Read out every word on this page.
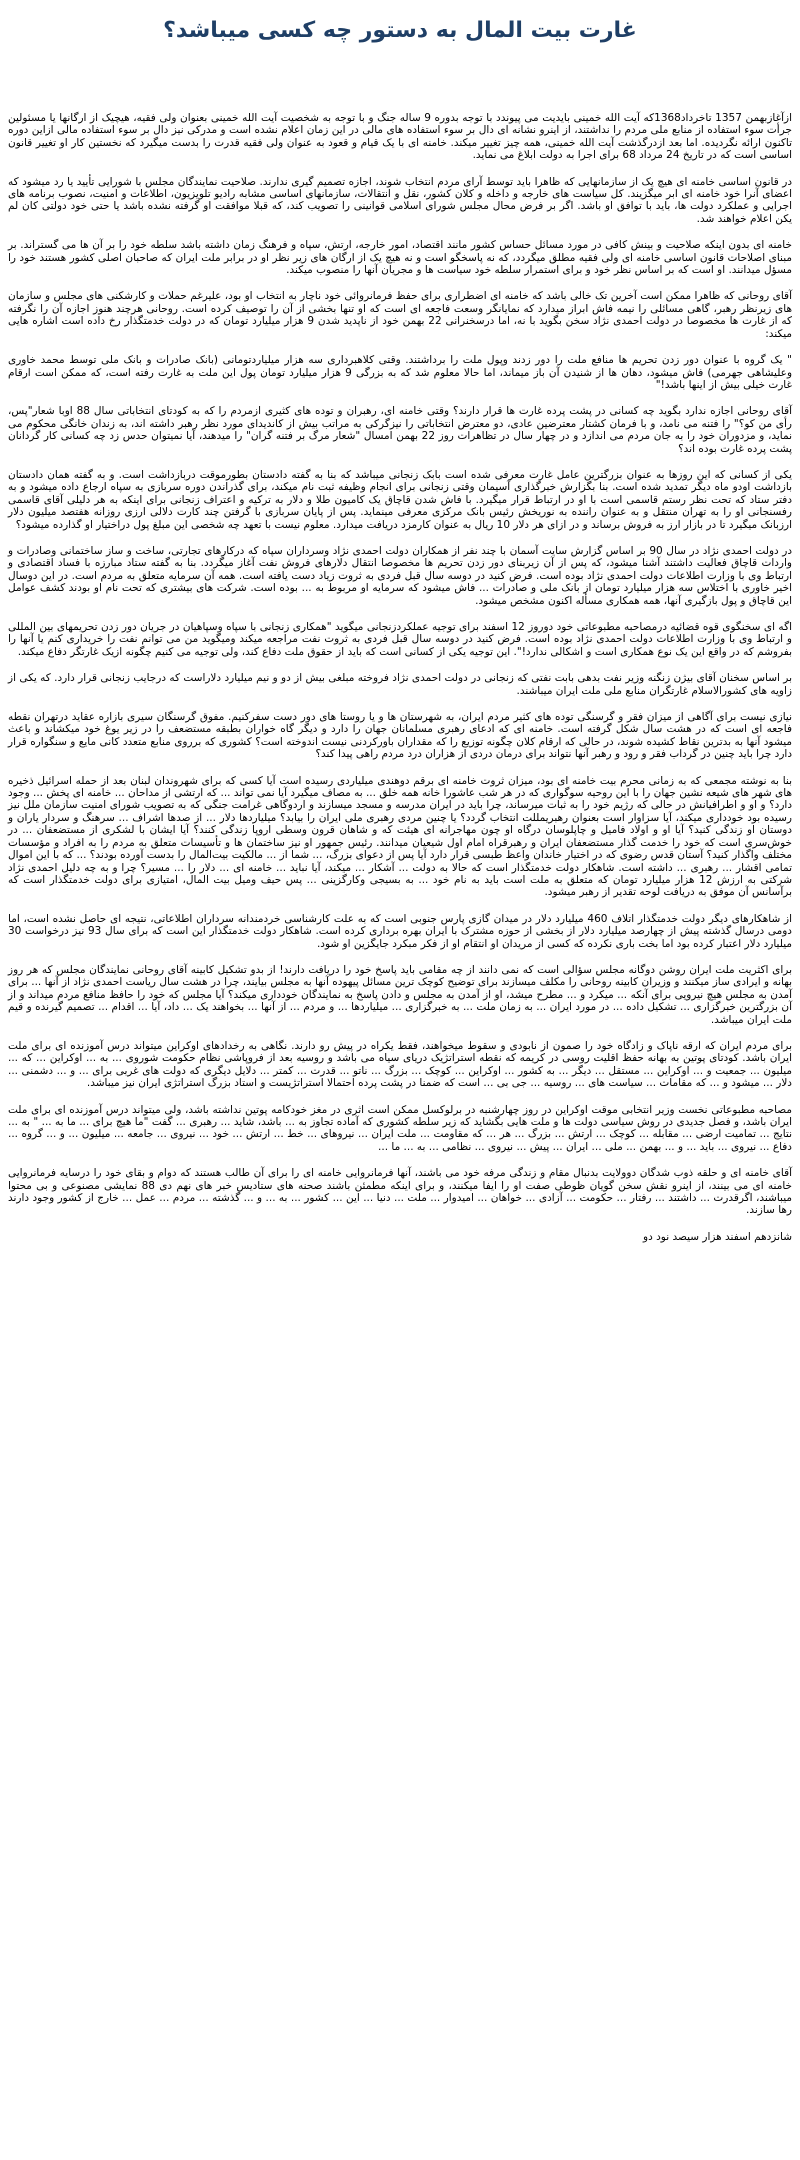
غارت بیت المال به دستور چه کسی میباشد؟

ازآغازبهمن 1357 تاخرداد1368که آیت الله خمینی بایدیت می پیوندد با توجه بدوره 9 ساله جنگ و با توجه به شخصیت آیت الله خمینی بعنوان ولی فقیه، هیچیک از ارگانها یا مسئولین جرأت سوء استفاده از منابع ملی مردم را نداشتند، از اینرو نشانه ای دال بر سوء استفاده های مالی در این زمان اعلام نشده است و مدرکی نیز دال بر سوء استفاده مالی ازاین دوره تاکنون ارائه نگردیده. اما بعد ازدرگذشت آیت الله خمینی، همه چیز تغییر میکند. خامنه ای با یک قیام و قعود به عنوان ولی فقیه قدرت را بدست میگیرد که نخستین کار او تغییر قانون اساسی است که در تاریخ 24 مرداد 68 برای اجرا به دولت ابلاغ می نماید.

در قانون اساسی خامنه ای هیچ یک از سازمانهایی که ظاهرا باید توسط آرای مردم انتخاب شوند، اجازه تصمیم گیری ندارند. صلاحیت نمایندگان مجلس با شورایی تأیید یا رد میشود که اعضای آنرا خود خامنه ای ابر میگزیند. کل سیاست های خارجه و داخله و کلان کشور، نقل و انتقالات، سازمانهای اساسی مشابه رادیو تلویزیون، اطلاعات و امنیت، نصوب برنامه های اجرایی و عملکرد دولت ها، باید با توافق او باشد. اگر بر فرض محال مجلس شورای اسلامی قوانینی را تصویب کند، که قبلا موافقت او گرفته نشده باشد یا حتی خود دولتی کان لم یکن اعلام خواهند شد.

خامنه ای بدون اینکه صلاحیت و بینش کافی در مورد مسائل حساس کشور مانند اقتصاد، امور خارجه، ارتش، سپاه و فرهنگ زمان داشته باشد سلطه خود را بر آن ها می گستراند. بر مبنای اصلاحات قانون اساسی خامنه ای ولی فقیه مطلق میگردد، که نه پاسخگو است و نه هیچ یک از ارگان های زیر نظر او در برابر ملت ایران که صاحبان اصلی کشور هستند خود را مسؤل میدانند. او است که بر اساس نظر خود و برای استمرار سلطه خود سیاست ها و مجریان آنها را منصوب میکند.

آقای روحانی که ظاهرا ممکن است آخرین تک خالی باشد که خامنه ای اضطراری برای حفظ فرمانروائی خود ناچار به انتخاب او بود، علیرغم حملات و کارشکنی های مجلس و سازمان های زیرنظر رهبر، گاهی مسائلی را نیمه فاش ابراز میدارد که نمایانگر وسعت فاجعه ای است که او تنها بخشی از آن را توصیف کرده است. روحانی هرچند هنوز اجازه آن را نگرفته که از غارت ها مخصوصا در دولت احمدی نژاد سخن بگوید با نه، اما درسخنرانی 22 بهمن خود از ناپدید شدن 9 هزار میلیارد تومان که در دولت خدمتگذار رخ داده است اشاره هایی میکند:

" یک گروه با عنوان دور زدن تحریم ها منافع ملت را دور زدند وپول ملت را برداشتند. وقتی کلاهبرداری سه هزار میلیاردتومانی (بانک صادرات و بانک ملی توسط محمد خاوری وعلیشاهی جهرمی) فاش میشود، دهان ها از شنیدن آن باز میماند، اما حالا معلوم شد که به بزرگی 9 هزار میلیارد تومان پول این ملت به غارت رفته است، که ممکن است ارقام غارت خیلی بیش از اینها باشد!"

آقای روحانی اجازه ندارد بگوید چه کسانی در پشت پرده غارت ها قرار دارند؟ وقتی خامنه ای، رهبران و توده های کثیری ازمردم را که به کودتای انتخاباتی سال 88 اوبا شعار"پس، رأی من کو؟" را فتنه می نامد، و با فرمان کشتار معترضین عادی، دو معترض انتخاباتی را نیزگرکی به مراتب بیش از کاندیدای مورد نظر رهبر داشته اند، به زندان خانگی محکوم می نماید، و مزدوران خود را به جان مردم می اندازد و در چهار سال در تظاهرات روز 22 بهمن امسال "شعار مرگ بر فتنه گران" را میدهند، آیا نمیتوان حدس زد چه کسانی کار گردانان پشت پرده غارت بوده اند؟

یکی از کسانی که این روزها به عنوان بزرگترین عامل غارت معرفی شده است بابک زنجانی میباشد که بنا به گفته دادستان بطورموقت دربازداشت است. و به گفته همان دادستان بازداشت اودو ماه دیگر تمدید شده است. بنا بگزارش خبرگذاری آسیمان وقتی زنجانی برای انجام وظیفه ثبت نام میکند، برای گذراندن دوره سربازی به سپاه ارجاع داده میشود و به دفتر ستاد که تحت نظر رستم قاسمی است با او در ارتباط قرار میگیرد. با فاش شدن قاچاق یک کامیون طلا و دلار به ترکیه و اعتراف زنجانی برای اینکه به هر دلیلی آقای قاسمی رفسنجانی او را به تهران منتقل و به عنوان راننده به نوریخش رئیس بانک مرکزی معرفی مینماید. پس از پایان سربازی با گرفتن چند کارت دلالی ارزی روزانه هفتصد میلیون دلار ارزبانک میگیرد تا در بازار ارز به فروش برساند و در ازای هر دلار 10 ریال به عنوان کارمزد دریافت میدارد. معلوم نیست با تعهد چه شخصی این مبلغ پول دراختیار او گذارده میشود؟

در دولت احمدی نژاد در سال 90 بر اساس گزارش سایت آسمان با چند نفر از همکاران دولت احمدی نژاد وسرداران سپاه که درکارهای تجارتی، ساخت و ساز ساختمانی وصادرات و واردات قاچاق فعالیت داشتند آشنا میشود، که پس از آن زیربنای دور زدن تحریم ها مخصوصا انتقال دلارهای فروش نفت آغاز میگردد. بنا به گفته ستاد مبارزه با فساد اقتصادی و ارتباط وی با وزارت اطلاعات دولت احمدی نژاد بوده است. فرض کنید در دوسه سال قبل فردی به ثروت زیاد دست یافته است. همه آن سرمایه متعلق به مردم است. در این دوسال اخیر خاوری با اختلاس سه هزار میلیارد تومان از بانک ملی و صادرات ... فاش میشود که سرمایه او مربوط به ... بوده است. شرکت های بیشتری که تحت نام او بودند کشف عوامل این قاچاق و پول بازگیری آنها، همه همکاری مسأله اکنون مشخص میشود.

اگه ای سخنگوی قوه قضائیه درمصاحبه مطبوعاتی خود دوروز 12 اسفند برای توجیه عملکردزنجانی میگوید "همکاری زنجانی با سپاه وسپاهیان در جریان دور زدن تحریمهای بین المللی و ارتباط وی با وزارت اطلاعات دولت احمدی نژاد بوده است. فرض کنید در دوسه سال قبل فردی به ثروت نفت مراجعه میکند ومیگوید من می توانم نفت را خریداری کنم یا آنها را بفروشم که در واقع این یک نوع همکاری است و اشکالی ندارد!". این توجیه یکی از کسانی است که باید از حقوق ملت دفاع کند، ولی توجیه می کنیم چگونه ازیک غارتگر دفاع میکند.

بر اساس سخنان آقای بیژن زنگنه وزیر نفت بدهی بابت نفتی که زنجانی در دولت احمدی نژاد فروخته مبلغی بیش از دو و نیم میلیارد دلاراست که درجایب زنجانی قرار دارد. که یکی از زاویه های کشورالاسلام غارتگران منابع ملی ملت ایران میباشند.

نیازی نیست برای آگاهی از میزان فقر و گرسنگی توده های کثیر مردم ایران، به شهرستان ها و یا روستا های دور دست سفرکنیم. مفوق گرسنگان سیری بازاره عقاید درتهران نقطه فاجعه ای است که در هشت سال شکل گرفته است. خامنه ای که ادعای رهبری مسلمانان جهان را دارد و دیگر گاه خواران بطبقه مستضعف را در زیر یوغ خود میکشاند و باعث میشود آنها به بدترین نقاط کشیده شوند، در حالی که ارقام کلان چگونه توزیع را که مقداران باورکردنی نیست اندوخته است؟ کشوری که برروی منابع متعدد کانی مایع و سنگواره قرار دارد چرا باید چنین در گرداب فقر و رود و رهبر آنها نتواند برای درمان دردی از هزاران درد مردم راهی پیدا کند؟

بنا به نوشته مجمعی که به زمانی محرم بیت خامنه ای بود، میزان ثروت خامنه ای برقم دوهندی میلیاردی رسیده است آیا کسی که برای شهروندان لبنان بعد از حمله اسرائیل ذخیره های شهر های شیعه نشین جهان را با این روحیه سوگواری که در هر شب عاشورا خانه همه خلق ... به مصاف میگیرد آیا نمی تواند ... که ارتشی از مداحان ... خامنه ای پخش ... وجود دارد؟ و او و اطرافیانش در حالی که رژیم خود را به ثبات میرساند، چرا باید در ایران مدرسه و مسجد میسازند و اردوگاهی غرامت جنگی که به تصویب شورای امنیت سازمان ملل نیز رسیده بود خودداری میکند، آیا سزاوار است بعنوان رهبریمللت انتخاب گردد؟ یا چنین مردی رهبری ملی ایران را بیابد؟ میلیاردها دلار ... از صدها اشراف ... سرهنگ و سردار یاران و دوستان او زندگی کنید؟ آیا او و اولاد فامیل و چاپلوسان درگاه او چون مهاجرانه ای هیئت که و شاهان قرون وسطی اروپا زندگی کنند؟ آیا ایشان با لشکری از مستضعفان ... در خوش‌سری است که خود را خدمت گذار مستضعفان ایران و رهبرقراه امام اول شیعیان میدانند. رئیس جمهور او نیز ساختمان ها و تأسیسات متعلق به مردم را به افراد و مؤسسات مختلف واگذار کنید؟ آستان قدس رضوی که در اختیار خاندان واعظ طبسی قرار دارد آیا پس از دعوای بزرگ، ... شما از ... مالکیت بیت‌المال را بدست آورده بودند؟ ... که با این اموال تمامی اقشار ... رهبری ... داشته است. شاهکار دولت خدمتگذار است که حالا به دولت ... آشکار ... میکند، آیا نباید ... خامنه ای ... دلار را ... مسیر؟ چرا و به چه دلیل احمدی نژاد شرکتی به ارزش 12 هزار میلیارد تومان که متعلق به ملت است باید به نام خود ... به بسیجی وکارگزینی ... پس حیف ومیل بیت المال، امتیازی برای دولت خدمتگذار است که برآسانس آن موفق به دریافت لوحه تقدیر از رهبر میشود.

از شاهکارهای دیگر دولت خدمتگذار اتلاف 460 میلیارد دلار در میدان گازی پارس جنوبی است که به علت کارشناسی خردمندانه سرداران اطلاعاتی، نتیجه ای حاصل نشده است، اما دومی درسال گذشته پیش از چهارصد میلیارد دلار از بخشی از حوزه مشترک با ایران بهره برداری کرده است. شاهکار دولت خدمتگذار این است که برای سال 93 نیز درخواست 30 میلیارد دلار اعتبار کرده بود اما بخت باری نکرده که کسی از مریدان او انتقام او از فکر مبکرد جایگزین او شود.

برای اکثریت ملت ایران روشن دوگانه مجلس سؤالی است که نمی دانند از چه مقامی باید پاسخ خود را دریافت دارند! از بدو تشکیل کابینه آقای روحانی نمایندگان مجلس که هر روز بهانه و ایرادی ساز میکنند و وزیران کابینه روحانی را مکلف میسازند برای توضیح کوچک ترین مسائل پیهوده آنها به مجلس بیایند، چرا در هشت سال ریاست احمدی نژاد از آنها ... برای آمدن به مجلس هیچ نیرویی برای آنکه ... میکرد و ... مطرح میشد، او از آمدن به مجلس و دادن پاسخ به نمایندگان خودداری میکند؟ آیا مجلس که خود را حافظ منافع مردم میداند و از آن بزرگترین خبرگزاری ... تشکیل داده ... در مورد ایران ... به زمان ملت ... به خبرگزاری ... میلیاردها ... و مردم ... از آنها ... بخواهند یک ... داد، آیا ... اقدام ... تصمیم گیرنده و قیم ملت ایران میباشد.

برای مردم ایران که ارقه ناپاک و زادگاه خود را صمون از نابودی و سقوط میخواهند، فقط یکراه در پیش رو دارند. نگاهی به رخدادهای اوکراین میتواند درس آموزنده ای برای ملت ایران باشد. کودتای پوتین به بهانه حفظ اقلیت روسی در کریمه که نقطه استراتژیک دریای سیاه می باشد و روسیه بعد از فروپاشی نظام حکومت شوروی ... به ... اوکراین ... که ... میلیون ... جمعیت و ... اوکراین ... مستقل ... دیگر ... به کشور ... اوکراین ... کوچک ... بزرگ ... ناتو ... قدرت ... کمتر ... دلایل دیگری که دولت های غربی برای ... و ... دشمنی ... دلار ... میشود و ... که مقامات ... سیاست های ... روسیه ... جی بی ... است که ضمنا در پشت پرده احتمالا استراتژیست و استاد بزرگ استراتژی ایران نیز میباشد.

مصاحبه مطبوعاتی نخست وزیر انتخابی موقت اوکراین در روز چهارشنبه در برلوکسل ممکن است اثری در مغز خودکامه پوتین نداشته باشد، ولی میتواند درس آموزنده ای برای ملت ایران باشد، و فصل جدیدی در روش سیاسی دولت ها و ملت هایی بگشاید که زیر سلطه کشوری که آماده تجاوز به ... باشد، شاید ... رهبری ... گفت "ما هیچ برای ... ما به ... " به ... نتایج ... تمامیت ارضی ... مقابله ... کوچک ... ارتش ... بزرگ ... هر ... که مقاومت ... ملت ایران ... نیروهای ... خط ... ارتش ... خود ... نیروی ... جامعه ... میلیون ... و ... گروه ... دفاع ... نیروی ... باید ... و ... بهمن ... ملی ... ایران ... پیش ... نیروی ... نظامی ... به ... ما ...

آقای خامنه ای و حلقه ذوب شدگان دوولایت بدنبال مقام و زندگی مرفه خود می باشند، آنها فرمانروایی خامنه ای را برای آن طالب هستند که دوام و بقای خود را درسایه فرمانروایی خامنه ای می بینند، از اینرو نقش سخن گویان ظوطی صفت او را ایفا میکنند، و برای اینکه مطمئن باشند صحنه های ستادیس خبر های نهم دی 88 نمایشی مصنوعی و بی محتوا میباشند، اگرقدرت ... داشتند ... رفتار ... حکومت ... آزادی ... خواهان ... امیدوار ... ملت ... دنیا ... این ... کشور ... به ... و ... گذشته ... مردم ... عمل ... خارج از کشور وجود دارند رها سازند.

شانزدهم اسفند هزار سیصد نود دو
